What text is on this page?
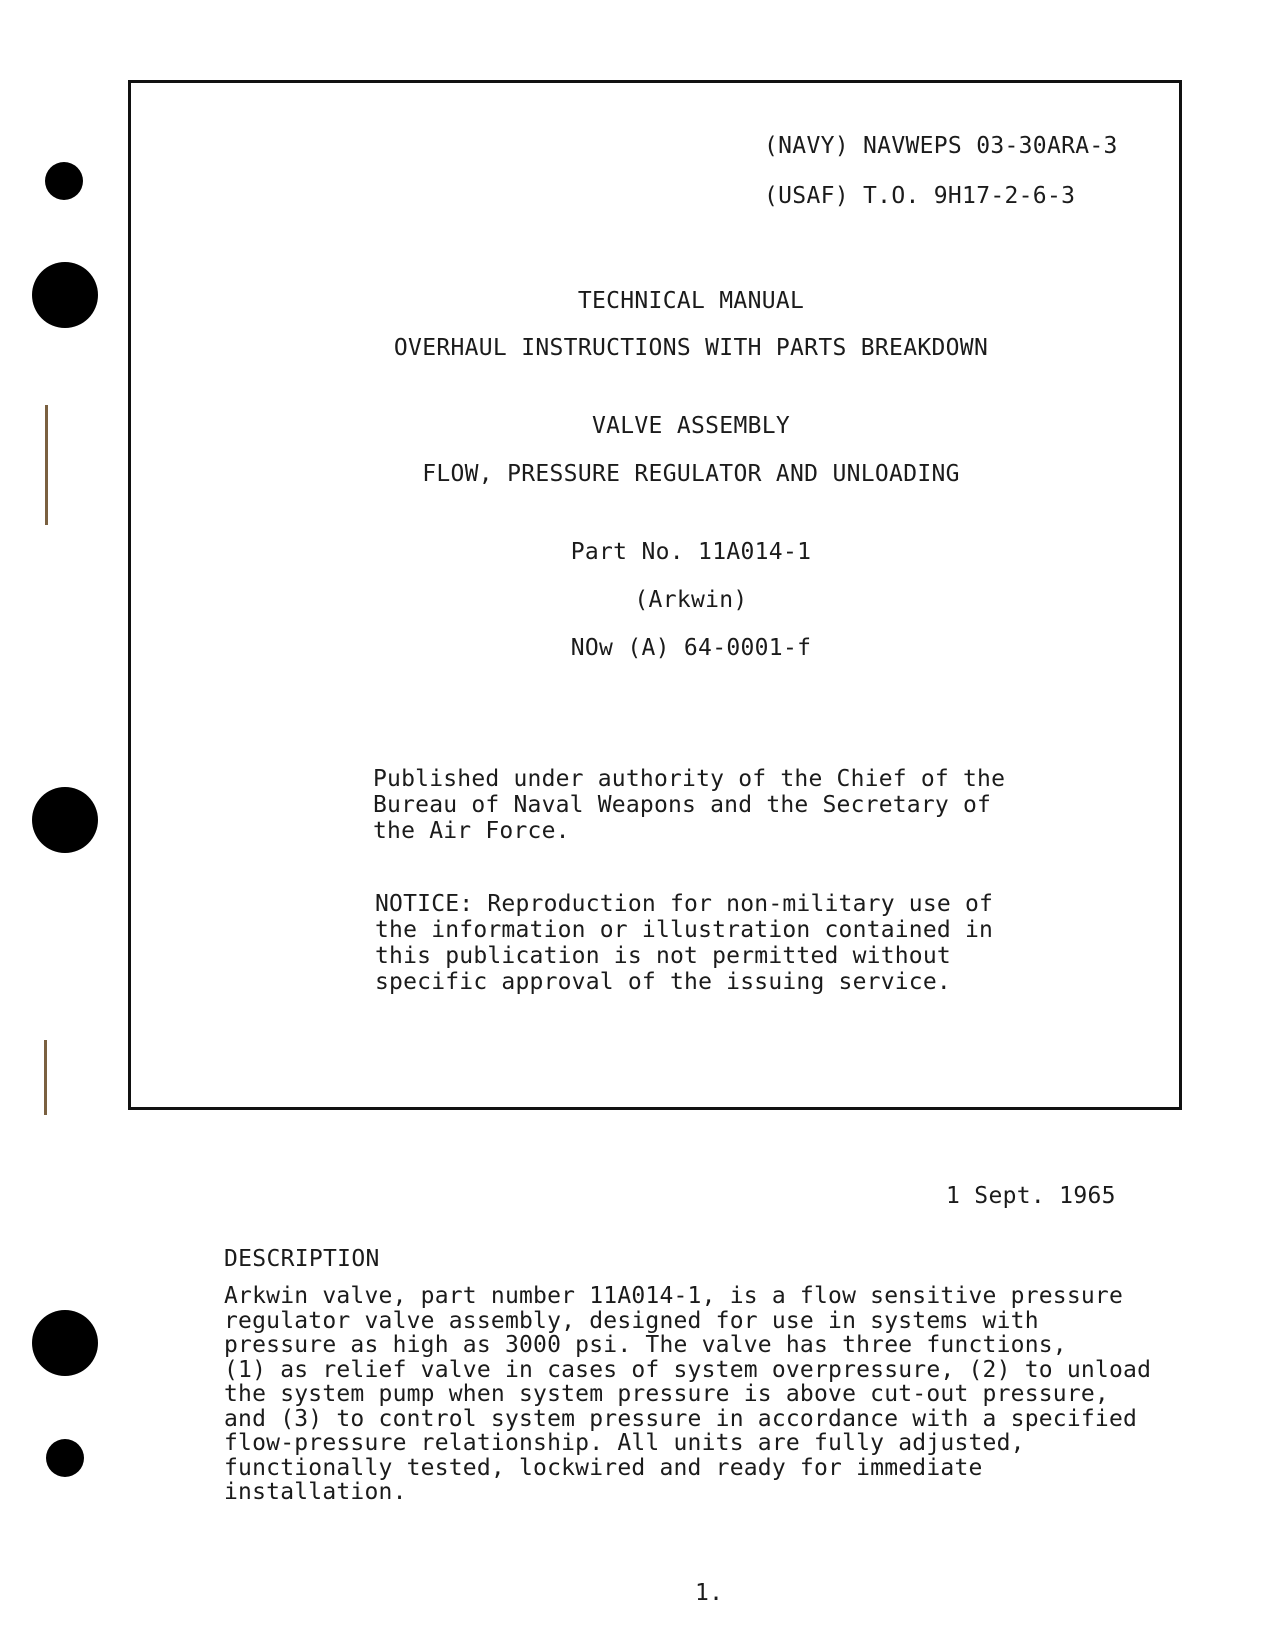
(NAVY) NAVWEPS 03-30ARA-3
(USAF) T.O. 9H17-2-6-3
TECHNICAL MANUAL
OVERHAUL INSTRUCTIONS WITH PARTS BREAKDOWN
VALVE ASSEMBLY
FLOW, PRESSURE REGULATOR AND UNLOADING
Part No. 11A014-1
(Arkwin)
NOw (A) 64-0001-f
Published under authority of the Chief of the
Bureau of Naval Weapons and the Secretary of
the Air Force.
NOTICE: Reproduction for non-military use of
the information or illustration contained in
this publication is not permitted without
specific approval of the issuing service.
1 Sept. 1965
DESCRIPTION
Arkwin valve, part number 11A014-1, is a flow sensitive pressure
regulator valve assembly, designed for use in systems with
pressure as high as 3000 psi. The valve has three functions,
(1) as relief valve in cases of system overpressure, (2) to unload
the system pump when system pressure is above cut-out pressure,
and (3) to control system pressure in accordance with a specified
flow-pressure relationship. All units are fully adjusted,
functionally tested, lockwired and ready for immediate
installation.
1.
